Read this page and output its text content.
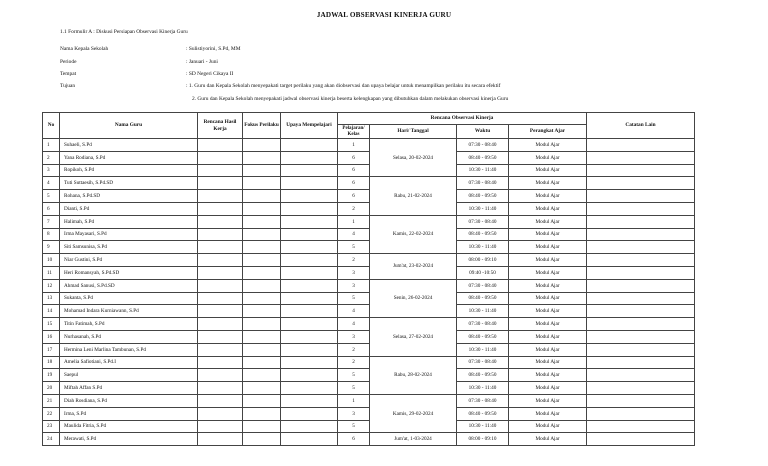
JADWAL OBSERVASI KINERJA GURU
1.1 Formulir A : Diskusi Persiapan Observasi Kinerja Guru
Nama Kepala Sekolah	: Sulistiyorini, S.Pd, MM
Periode	: Januari - Juni
Tempat	: SD Negeri Cikaya II
Tujuan	: 1. Guru dan Kepala Sekolah menyepakati target perilaku yang akan diobservasi dan upaya belajar untuk menampilkan perilaku itu secara efektif
2. Guru dan Kepala Sekolah menyepakati jadwal observasi kinerja beserta kelengkapan yang dibutuhkan dalam melakukan observasi kinerja Guru
No	Nama Guru	Rencana Hasil Kerja	Fokus Perilaku	Upaya Mempelajari	Rencana Observasi Kinerja				Catatan Lain
					Pelajaran/ Kelas	Hari/ Tanggal	Waktu	Perangkat Ajar	
1	Suhaeli, S.Pd				1	Selasa, 20-02-2024	07:30 - 08:40	Modul Ajar	
2	Yana Rodiana, S.Pd				6		08:40 - 09:50	Modul Ajar	
3	Ropikoh, S.Pd				6		10:30 - 11:40	Modul Ajar	
4	Tuti Suttaesih, S.Pd.SD				6	Rabu, 21-02-2024	07:30 - 08:40	Modul Ajar	
5	Rohana, S.Pd.SD				6		08:40 - 09:50	Modul Ajar	
6	Dianti, S.Pd				2		10:30 - 11:40	Modul Ajar	
7	Halimah, S.Pd				1	Kamis, 22-02-2024	07:30 - 08:40	Modul Ajar	
8	Irma Mayasari, S.Pd				4		08:40 - 09:50	Modul Ajar	
9	Siti Samsunisa, S.Pd				5		10:30 - 11:40	Modul Ajar	
10	Niar Gustini, S.Pd				2	Jum'at, 23-02-2024	08:00 - 09:10	Modul Ajar	
11	Heri Romansyah, S.Pd.SD				3		09:40 -10:50	Modul Ajar	
12	Ahmad Sanusi, S.Pd.SD				3	Senin, 26-02-2024	07:30 - 08:40	Modul Ajar	
13	Sukanta, S.Pd				5		08:40 - 09:50	Modul Ajar	
14	Mohamad Indara Kurniawann, S.Pd				4		10:30 - 11:40	Modul Ajar	
15	Titin Fatimah, S.Pd				4	Selasa, 27-02-2024	07:30 - 08:40	Modul Ajar	
16	Nurhasanah, S.Pd				3		08:40 - 09:50	Modul Ajar	
17	Hermina Leni Marlina Tambunan, S.Pd				2		10:30 - 11:40	Modul Ajar	
18	Amelia Safiotiani, S.Pd.I				2	Rabu, 28-02-2024	07:30 - 08:40	Modul Ajar	
19	Saepul				5		08:40 - 09:50	Modul Ajar	
20	Miftah Affan S.Pd				5		10:30 - 11:40	Modul Ajar	
21	Diah Rosdiana, S.Pd				1	Kamis, 29-02-2024	07:30 - 08:40	Modul Ajar	
22	Irma, S.Pd				3		08:40 - 09:50	Modul Ajar	
23	Maulida Fitria, S.Pd				5		10:30 - 11:40	Modul Ajar	
24	Merawati, S.Pd				6	Jum'at, 1-03-2024	08:00 - 09:10	Modul Ajar	
